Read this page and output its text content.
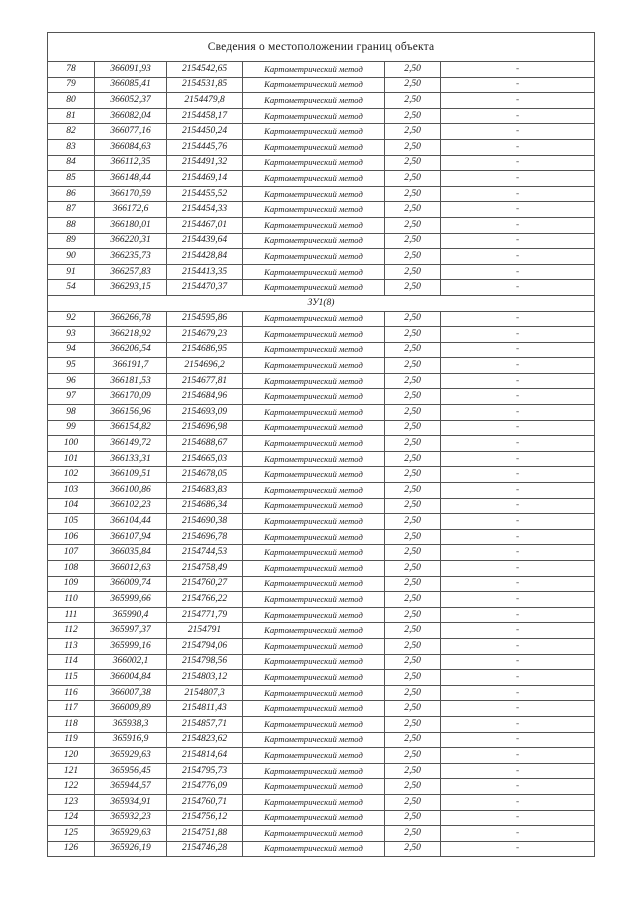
Сведения о местоположении границ объекта					
78	366091,93	2154542,65	Картометрический метод	2,50	-
79	366085,41	2154531,85	Картометрический метод	2,50	-
80	366052,37	2154479,8	Картометрический метод	2,50	-
81	366082,04	2154458,17	Картометрический метод	2,50	-
82	366077,16	2154450,24	Картометрический метод	2,50	-
83	366084,63	2154445,76	Картометрический метод	2,50	-
84	366112,35	2154491,32	Картометрический метод	2,50	-
85	366148,44	2154469,14	Картометрический метод	2,50	-
86	366170,59	2154455,52	Картометрический метод	2,50	-
87	366172,6	2154454,33	Картометрический метод	2,50	-
88	366180,01	2154467,01	Картометрический метод	2,50	-
89	366220,31	2154439,64	Картометрический метод	2,50	-
90	366235,73	2154428,84	Картометрический метод	2,50	-
91	366257,83	2154413,35	Картометрический метод	2,50	-
54	366293,15	2154470,37	Картометрический метод	2,50	-
ЗУ1(8)					
92	366266,78	2154595,86	Картометрический метод	2,50	-
93	366218,92	2154679,23	Картометрический метод	2,50	-
94	366206,54	2154686,95	Картометрический метод	2,50	-
95	366191,7	2154696,2	Картометрический метод	2,50	-
96	366181,53	2154677,81	Картометрический метод	2,50	-
97	366170,09	2154684,96	Картометрический метод	2,50	-
98	366156,96	2154693,09	Картометрический метод	2,50	-
99	366154,82	2154696,98	Картометрический метод	2,50	-
100	366149,72	2154688,67	Картометрический метод	2,50	-
101	366133,31	2154665,03	Картометрический метод	2,50	-
102	366109,51	2154678,05	Картометрический метод	2,50	-
103	366100,86	2154683,83	Картометрический метод	2,50	-
104	366102,23	2154686,34	Картометрический метод	2,50	-
105	366104,44	2154690,38	Картометрический метод	2,50	-
106	366107,94	2154696,78	Картометрический метод	2,50	-
107	366035,84	2154744,53	Картометрический метод	2,50	-
108	366012,63	2154758,49	Картометрический метод	2,50	-
109	366009,74	2154760,27	Картометрический метод	2,50	-
110	365999,66	2154766,22	Картометрический метод	2,50	-
111	365990,4	2154771,79	Картометрический метод	2,50	-
112	365997,37	2154791	Картометрический метод	2,50	-
113	365999,16	2154794,06	Картометрический метод	2,50	-
114	366002,1	2154798,56	Картометрический метод	2,50	-
115	366004,84	2154803,12	Картометрический метод	2,50	-
116	366007,38	2154807,3	Картометрический метод	2,50	-
117	366009,89	2154811,43	Картометрический метод	2,50	-
118	365938,3	2154857,71	Картометрический метод	2,50	-
119	365916,9	2154823,62	Картометрический метод	2,50	-
120	365929,63	2154814,64	Картометрический метод	2,50	-
121	365956,45	2154795,73	Картометрический метод	2,50	-
122	365944,57	2154776,09	Картометрический метод	2,50	-
123	365934,91	2154760,71	Картометрический метод	2,50	-
124	365932,23	2154756,12	Картометрический метод	2,50	-
125	365929,63	2154751,88	Картометрический метод	2,50	-
126	365926,19	2154746,28	Картометрический метод	2,50	-
